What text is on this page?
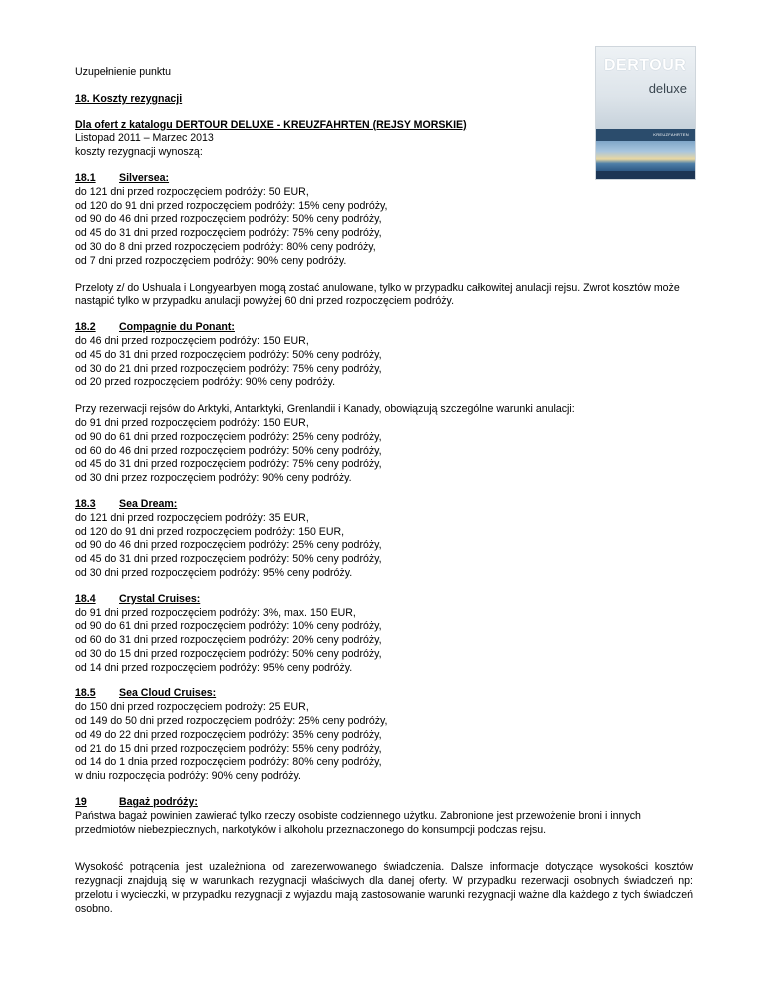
DERTOUR
deluxe
KREUZFAHRTEN
Uzupełnienie punktu
18. Koszty rezygnacji
Dla ofert z katalogu DERTOUR DELUXE - KREUZFAHRTEN (REJSY MORSKIE)
Listopad 2011 – Marzec 2013
koszty rezygnacji wynoszą:
18.1 Silversea:
do 121 dni przed rozpoczęciem podróży: 50 EUR,
od 120 do 91 dni przed rozpoczęciem podróży: 15% ceny podróży,
od 90 do 46 dni przed rozpoczęciem podróży: 50% ceny podróży,
od 45 do 31 dni przed rozpoczęciem podróży: 75% ceny podróży,
od 30 do 8 dni przed rozpoczęciem podróży: 80% ceny podróży,
od 7 dni przed rozpoczęciem podróży: 90% ceny podróży.
Przeloty z/ do Ushuala i Longyearbyen mogą zostać anulowane, tylko w przypadku całkowitej anulacji rejsu. Zwrot kosztów może nastąpić tylko w przypadku anulacji powyżej 60 dni przed rozpoczęciem podróży.
18.2 Compagnie du Ponant:
do 46 dni przed rozpoczęciem podróży: 150 EUR,
od 45 do 31 dni przed rozpoczęciem podróży: 50% ceny podróży,
od 30 do 21 dni przed rozpoczęciem podróży: 75% ceny podróży,
od 20 przed rozpoczęciem podróży: 90% ceny podróży.
Przy rezerwacji rejsów do Arktyki, Antarktyki, Grenlandii i Kanady, obowiązują szczególne warunki anulacji:
do 91 dni przed rozpoczęciem podróży: 150 EUR,
od 90 do 61 dni przed rozpoczęciem podróży: 25% ceny podróży,
od 60 do 46 dni przed rozpoczęciem podróży: 50% ceny podróży,
od 45 do 31 dni przed rozpoczęciem podróży: 75% ceny podróży,
od 30 dni przez rozpoczęciem podróży: 90% ceny podróży.
18.3 Sea Dream:
do 121 dni przed rozpoczęciem podróży: 35 EUR,
od 120 do 91 dni przed rozpoczęciem podróży: 150 EUR,
od 90 do 46 dni przed rozpoczęciem podróży: 25% ceny podróży,
od 45 do 31 dni przed rozpoczęciem podróży: 50% ceny podróży,
od 30 dni przed rozpoczęciem podróży: 95% ceny podróży.
18.4 Crystal Cruises:
do 91 dni przed rozpoczęciem podróży: 3%, max. 150 EUR,
od 90 do 61 dni przed rozpoczęciem podróży: 10% ceny podróży,
od 60 do 31 dni przed rozpoczęciem podróży: 20% ceny podróży,
od 30 do 15 dni przed rozpoczęciem podróży: 50% ceny podróży,
od 14 dni przed rozpoczęciem podróży: 95% ceny podróży.
18.5 Sea Cloud Cruises:
do 150 dni przed rozpoczęciem podroży: 25 EUR,
od 149 do 50 dni przed rozpoczęciem podróży: 25% ceny podróży,
od 49 do 22 dni przed rozpoczęciem podróży: 35% ceny podróży,
od 21 do 15 dni przed rozpoczęciem podróży: 55% ceny podróży,
od 14 do 1 dnia przed rozpoczęciem podróży: 80% ceny podróży,
w dniu rozpoczęcia podróży: 90% ceny podróży.
19	Bagaż podróży:
Państwa bagaż powinien zawierać tylko rzeczy osobiste codziennego użytku. Zabronione jest przewożenie broni i innych przedmiotów niebezpiecznych, narkotyków i alkoholu przeznaczonego do konsumpcji podczas rejsu.
Wysokość potrącenia jest uzależniona od zarezerwowanego świadczenia. Dalsze informacje dotyczące wysokości kosztów rezygnacji znajdują się w warunkach rezygnacji właściwych dla danej oferty. W przypadku rezerwacji osobnych świadczeń np: przelotu i wycieczki, w przypadku rezygnacji z wyjazdu mają zastosowanie warunki rezygnacji ważne dla każdego z tych świadczeń osobno.
